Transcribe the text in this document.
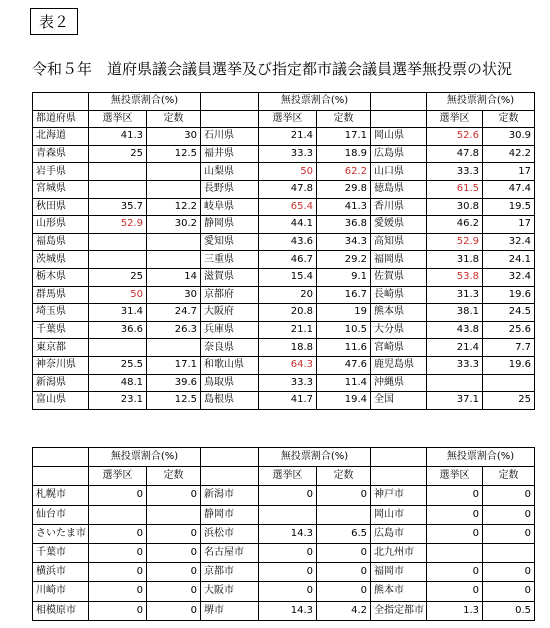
表２
令和５年　道府県議会議員選挙及び指定都市議会議員選挙無投票の状況
	無投票割合(%)			無投票割合(%)			無投票割合(%)	
都道府県	選挙区	定数		選挙区	定数		選挙区	定数
北海道	41.3	30	石川県	21.4	17.1	岡山県	52.6	30.9
青森県	25	12.5	福井県	33.3	18.9	広島県	47.8	42.2
岩手県			山梨県	50	62.2	山口県	33.3	17
宮城県			長野県	47.8	29.8	徳島県	61.5	47.4
秋田県	35.7	12.2	岐阜県	65.4	41.3	香川県	30.8	19.5
山形県	52.9	30.2	静岡県	44.1	36.8	愛媛県	46.2	17
福島県			愛知県	43.6	34.3	高知県	52.9	32.4
茨城県			三重県	46.7	29.2	福岡県	31.8	24.1
栃木県	25	14	滋賀県	15.4	9.1	佐賀県	53.8	32.4
群馬県	50	30	京都府	20	16.7	長崎県	31.3	19.6
埼玉県	31.4	24.7	大阪府	20.8	19	熊本県	38.1	24.5
千葉県	36.6	26.3	兵庫県	21.1	10.5	大分県	43.8	25.6
東京都			奈良県	18.8	11.6	宮崎県	21.4	7.7
神奈川県	25.5	17.1	和歌山県	64.3	47.6	鹿児島県	33.3	19.6
新潟県	48.1	39.6	鳥取県	33.3	11.4	沖縄県		
富山県	23.1	12.5	島根県	41.7	19.4	全国	37.1	25
	無投票割合(%)			無投票割合(%)			無投票割合(%)	
	選挙区	定数		選挙区	定数		選挙区	定数
札幌市	0	0	新潟市	0	0	神戸市	0	0
仙台市			静岡市			岡山市	0	0
さいたま市	0	0	浜松市	14.3	6.5	広島市	0	0
千葉市	0	0	名古屋市	0	0	北九州市		
横浜市	0	0	京都市	0	0	福岡市	0	0
川崎市	0	0	大阪市	0	0	熊本市	0	0
相模原市	0	0	堺市	14.3	4.2	全指定都市	1.3	0.5
